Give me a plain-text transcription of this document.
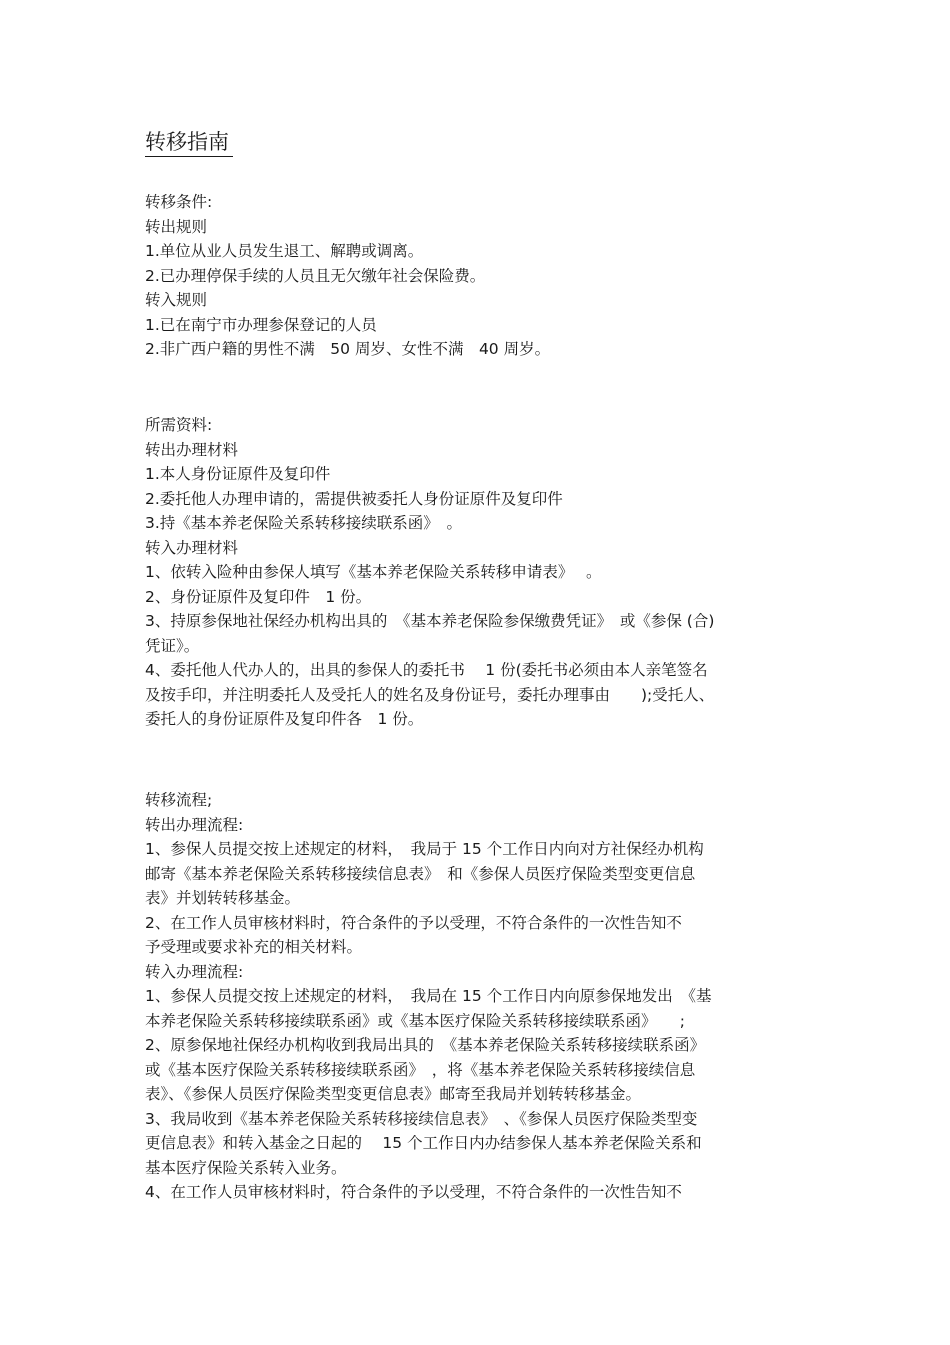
转移指南
转移条件:
转出规则
1.单位从业人员发生退工、解聘或调离。
2.已办理停保手续的人员且无欠缴年社会保险费。
转入规则
1.已在南宁市办理参保登记的人员
2.非广西户籍的男性不满　50 周岁、女性不满　40 周岁。
所需资料:
转出办理材料
1.本人身份证原件及复印件
2.委托他人办理申请的，需提供被委托人身份证原件及复印件
3.持《基本养老保险关系转移接续联系函》　。
转入办理材料
1、依转入险种由参保人填写《基本养老保险关系转移申请表》　 。
2、身份证原件及复印件　1 份。
3、持原参保地社保经办机构出具的　《基本养老保险参保缴费凭证》　或《参保 (合)
凭证》。
4、委托他人代办人的，出具的参保人的委托书　 1 份(委托书必须由本人亲笔签名
及按手印，并注明委托人及受托人的姓名及身份证号，委托办理事由　　);受托人、
委托人的身份证原件及复印件各　1 份。
转移流程;
转出办理流程:
1、参保人员提交按上述规定的材料，　我局于 15 个工作日内向对方社保经办机构
邮寄《基本养老保险关系转移接续信息表》　和《参保人员医疗保险类型变更信息
表》并划转转移基金。
2、在工作人员审核材料时，符合条件的予以受理，不符合条件的一次性告知不
予受理或要求补充的相关材料。
转入办理流程:
1、参保人员提交按上述规定的材料，　我局在 15 个工作日内向原参保地发出　《基
本养老保险关系转移接续联系函》或《基本医疗保险关系转移接续联系函》　　;
2、原参保地社保经办机构收到我局出具的　《基本养老保险关系转移接续联系函》
或《基本医疗保险关系转移接续联系函》　，将《基本养老保险关系转移接续信息
表》、《参保人员医疗保险类型变更信息表》邮寄至我局并划转转移基金。
3、我局收到《基本养老保险关系转移接续信息表》　、《参保人员医疗保险类型变
更信息表》和转入基金之日起的　 15 个工作日内办结参保人基本养老保险关系和
基本医疗保险关系转入业务。
4、在工作人员审核材料时，符合条件的予以受理，不符合条件的一次性告知不
